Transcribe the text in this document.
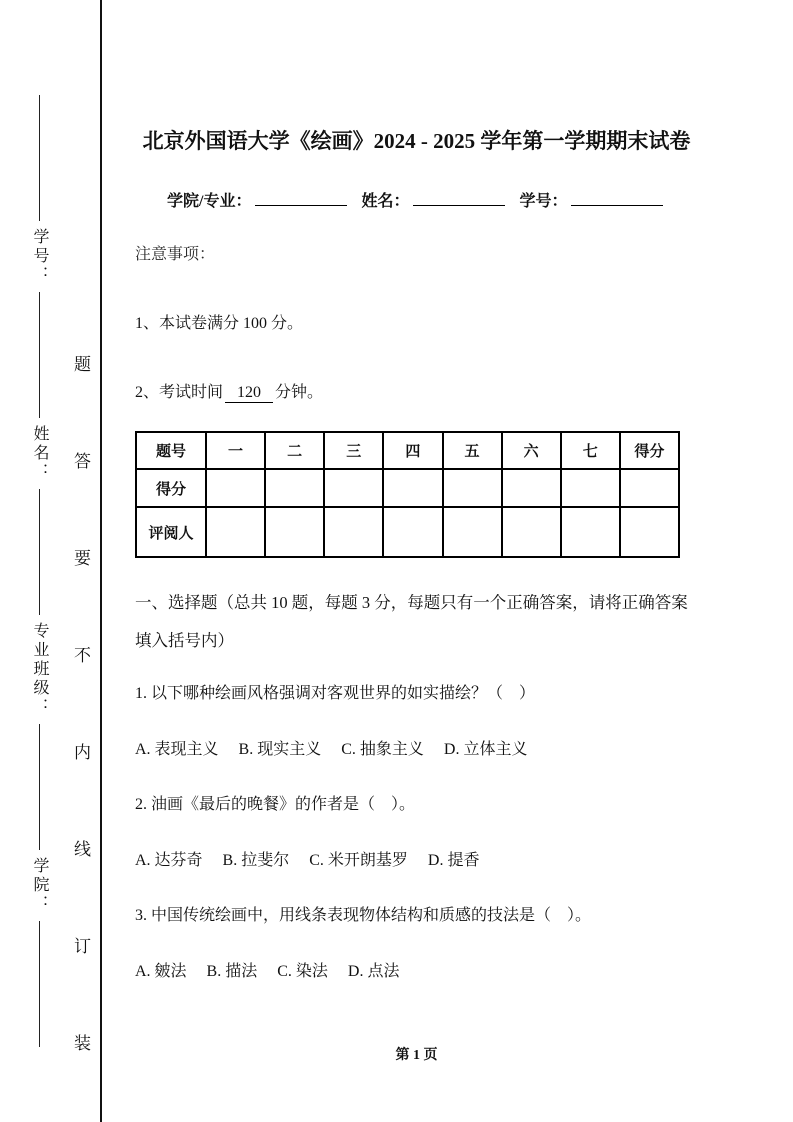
学号：
姓名：
专业班级：
学院：
题
答
要
不
内
线
订
装
北京外国语大学《绘画》2024 - 2025 学年第一学期期末试卷
学院/专业：	姓名：	学号：

注意事项：

1、本试卷满分 100 分。

2、考试时间 120 分钟。

题号	一	二	三	四	五	六	七	得分
得分								
评阅人								

一、选择题（总共 10 题，每题 3 分，每题只有一个正确答案，请将正确答案填入括号内）

1. 以下哪种绘画风格强调对客观世界的如实描绘？（　）

A. 表现主义　 B. 现实主义　 C. 抽象主义　 D. 立体主义

2. 油画《最后的晚餐》的作者是（　）。

A. 达芬奇　 B. 拉斐尔　 C. 米开朗基罗　 D. 提香

3. 中国传统绘画中，用线条表现物体结构和质感的技法是（　）。

A. 皴法　 B. 描法　 C. 染法　 D. 点法

第 1 页
